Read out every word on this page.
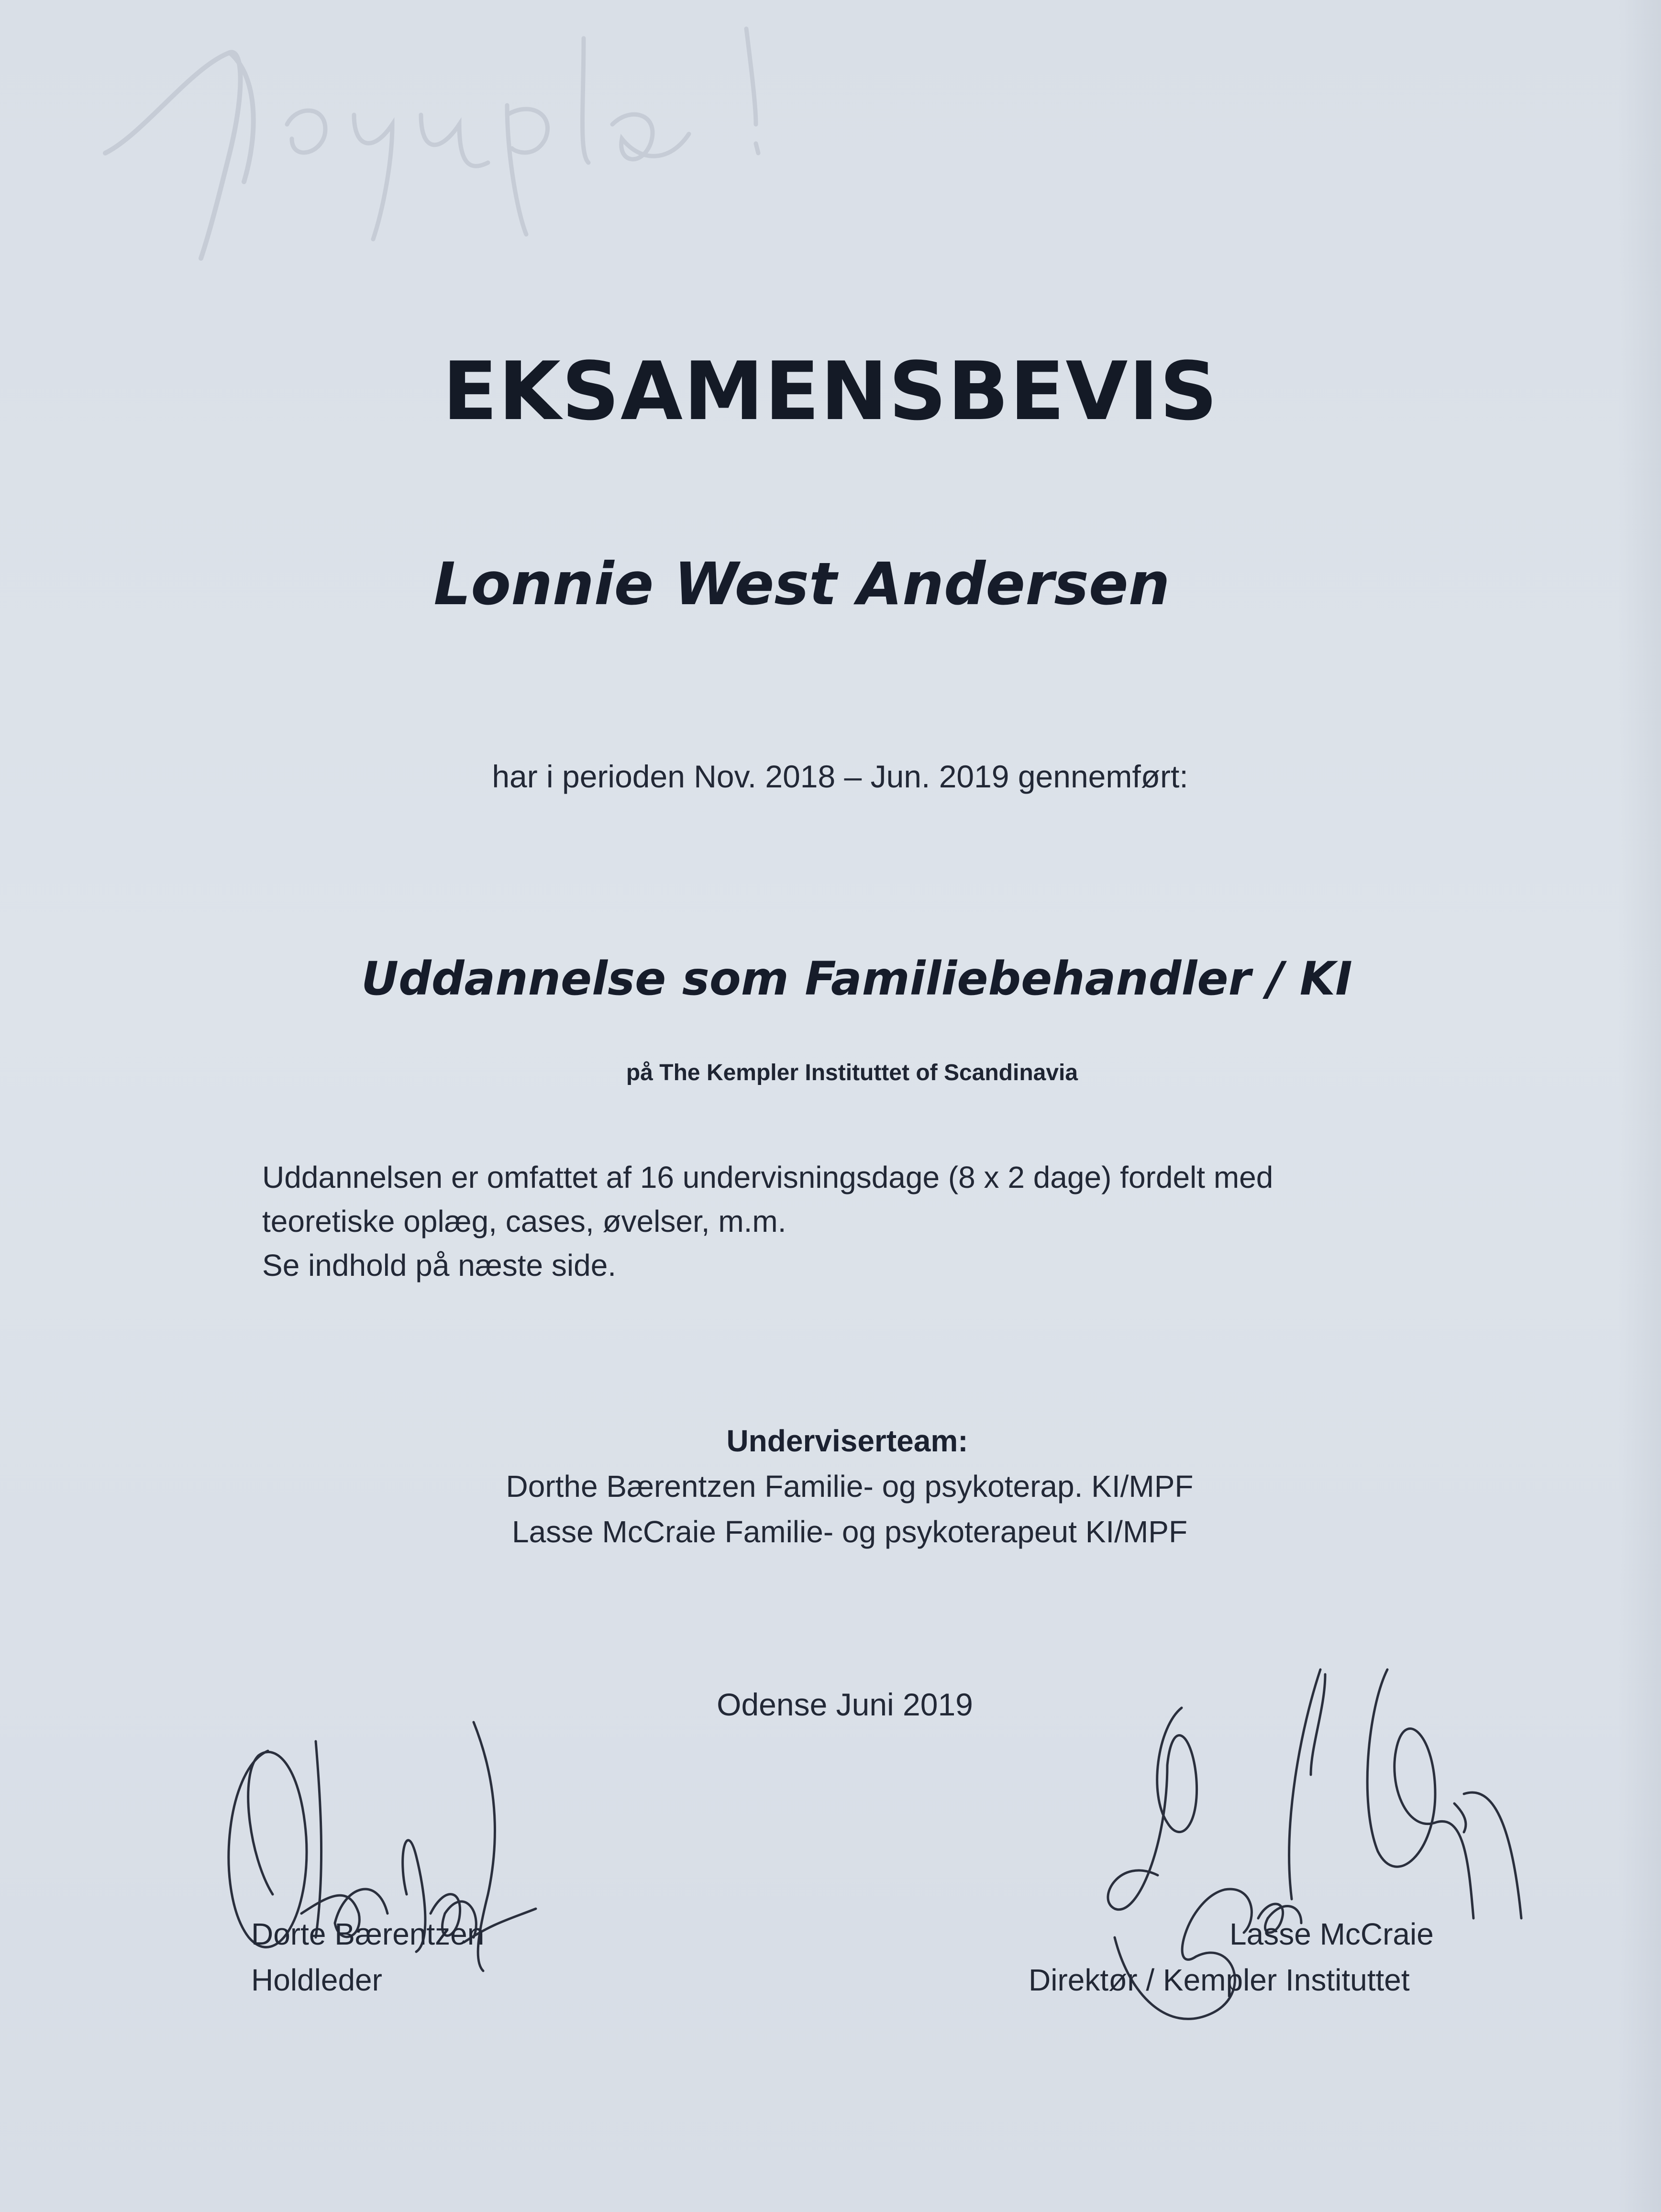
Jeupla!
EKSAMENSBEVIS
Lonnie West Andersen
har i perioden Nov. 2018 – Jun. 2019 gennemført:
Uddannelse som Familiebehandler / KI
på The Kempler Instituttet of Scandinavia
Uddannelsen er omfattet af 16 undervisningsdage (8 x 2 dage) fordelt med
teoretiske oplæg, cases, øvelser, m.m.
Se indhold på næste side.
Underviserteam:
Dorthe Bærentzen Familie- og psykoterap. KI/MPF
Lasse McCraie Familie- og psykoterapeut KI/MPF
Odense Juni 2019
Dorte Bærentzen
Holdleder
Lasse McCraie
Direktør / Kempler Instituttet
